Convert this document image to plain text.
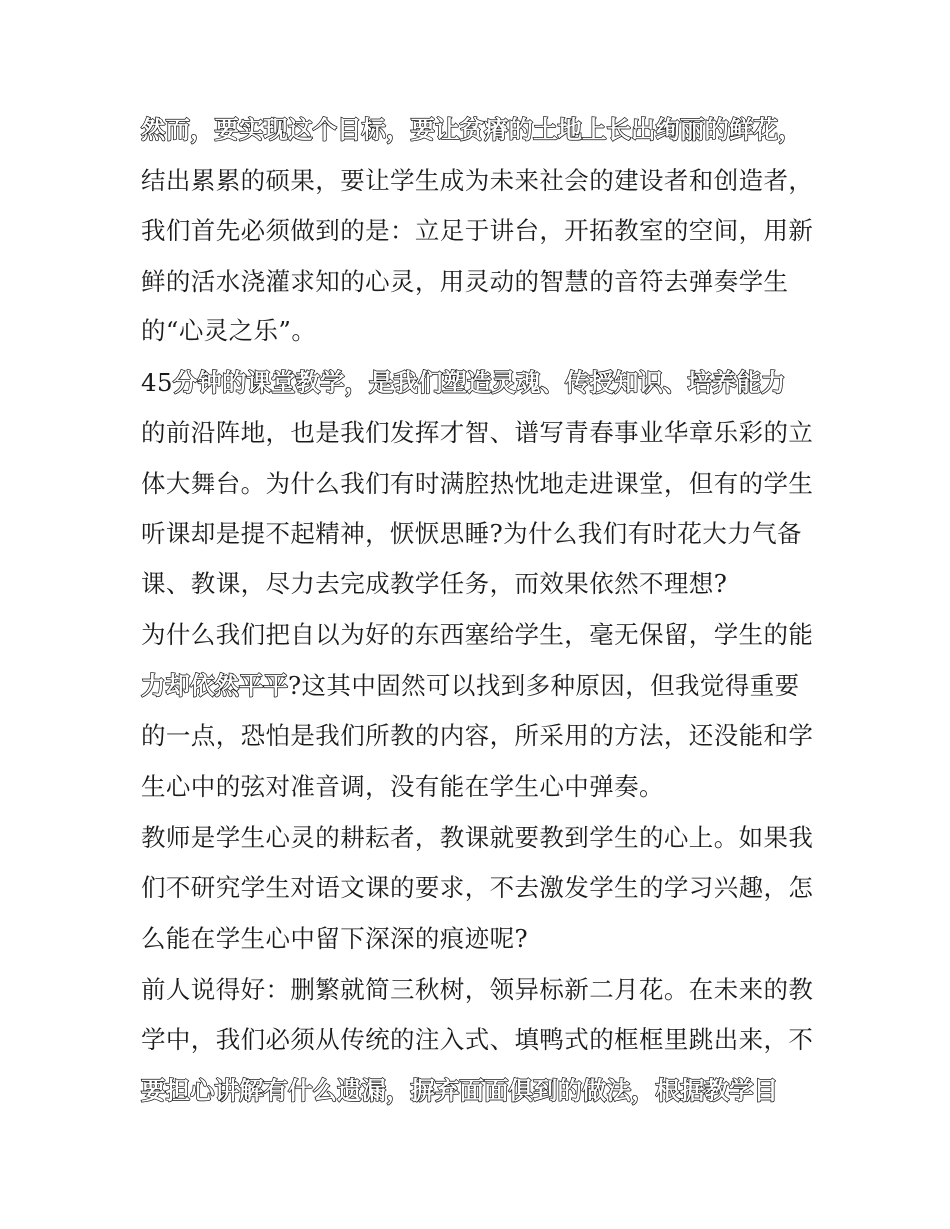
然而，要实现这个目标，要让贫瘠的土地上长出绚丽的鲜花，
结出累累的硕果，要让学生成为未来社会的建设者和创造者，
我们首先必须做到的是：立足于讲台，开拓教室的空间，用新
鲜的活水浇灌求知的心灵，用灵动的智慧的音符去弹奏学生
的“心灵之乐”。
45分钟的课堂教学，是我们塑造灵魂、传授知识、培养能力
的前沿阵地，也是我们发挥才智、谱写青春事业华章乐彩的立
体大舞台。为什么我们有时满腔热忱地走进课堂，但有的学生
听课却是提不起精神，恹恹思睡?为什么我们有时花大力气备
课、教课，尽力去完成教学任务，而效果依然不理想?
为什么我们把自以为好的东西塞给学生，毫无保留，学生的能
力却依然平平?这其中固然可以找到多种原因，但我觉得重要
的一点，恐怕是我们所教的内容，所采用的方法，还没能和学
生心中的弦对准音调，没有能在学生心中弹奏。
教师是学生心灵的耕耘者，教课就要教到学生的心上。如果我
们不研究学生对语文课的要求，不去激发学生的学习兴趣，怎
么能在学生心中留下深深的痕迹呢?
前人说得好：删繁就简三秋树，领异标新二月花。在未来的教
学中，我们必须从传统的注入式、填鸭式的框框里跳出来，不
要担心讲解有什么遗漏，摒弃面面俱到的做法，根据教学目
